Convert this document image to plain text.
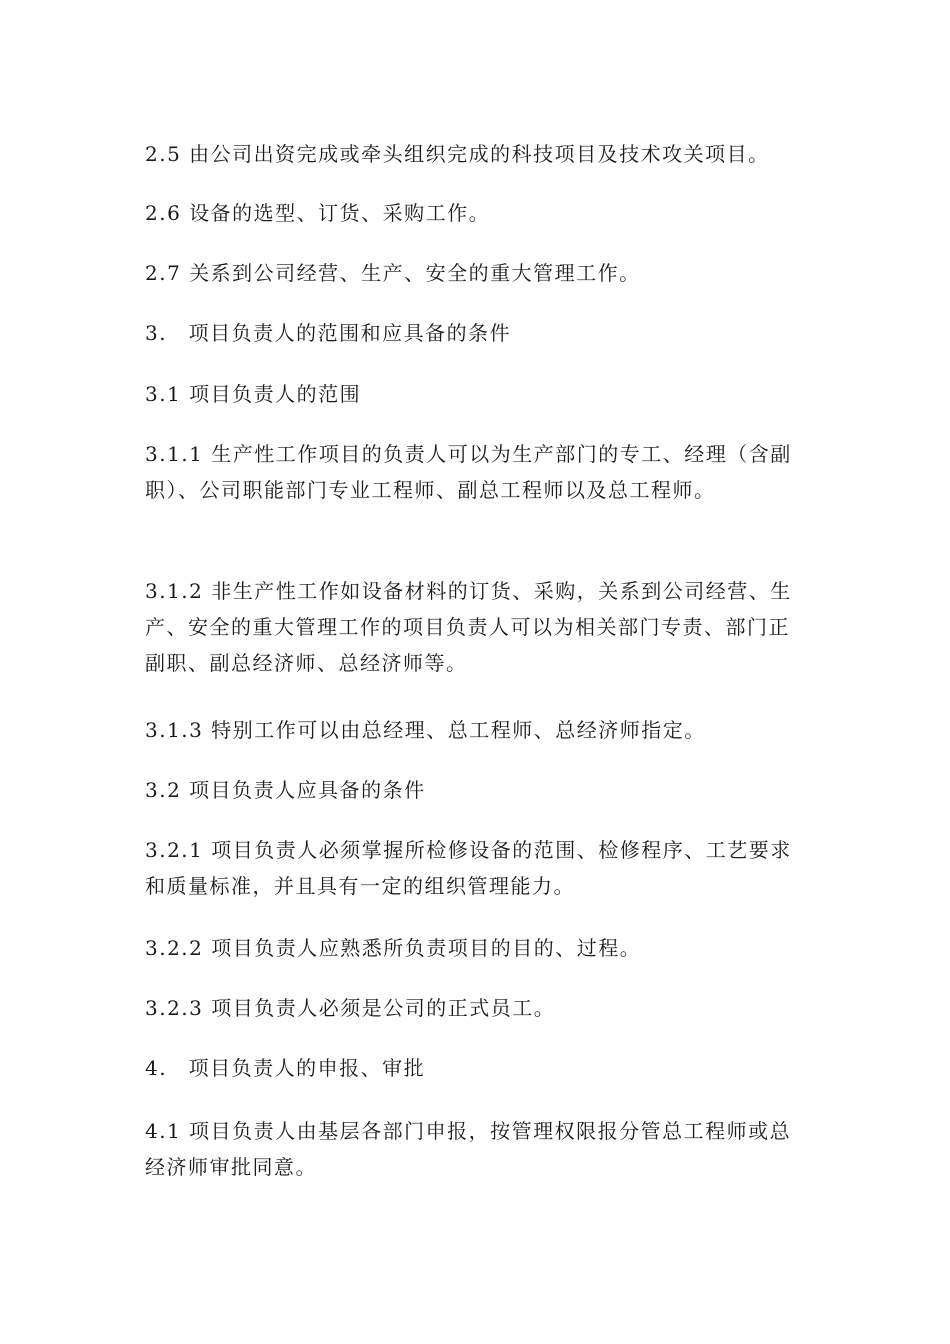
2.5 由公司出资完成或牵头组织完成的科技项目及技术攻关项目。

2.6 设备的选型、订货、采购工作。

2.7 关系到公司经营、生产、安全的重大管理工作。

3.　项目负责人的范围和应具备的条件

3.1 项目负责人的范围

3.1.1 生产性工作项目的负责人可以为生产部门的专工、经理（含副职）、公司职能部门专业工程师、副总工程师以及总工程师。

3.1.2 非生产性工作如设备材料的订货、采购，关系到公司经营、生产、安全的重大管理工作的项目负责人可以为相关部门专责、部门正副职、副总经济师、总经济师等。

3.1.3 特别工作可以由总经理、总工程师、总经济师指定。

3.2 项目负责人应具备的条件

3.2.1 项目负责人必须掌握所检修设备的范围、检修程序、工艺要求和质量标准，并且具有一定的组织管理能力。

3.2.2 项目负责人应熟悉所负责项目的目的、过程。

3.2.3 项目负责人必须是公司的正式员工。

4.　项目负责人的申报、审批

4.1 项目负责人由基层各部门申报，按管理权限报分管总工程师或总经济师审批同意。
